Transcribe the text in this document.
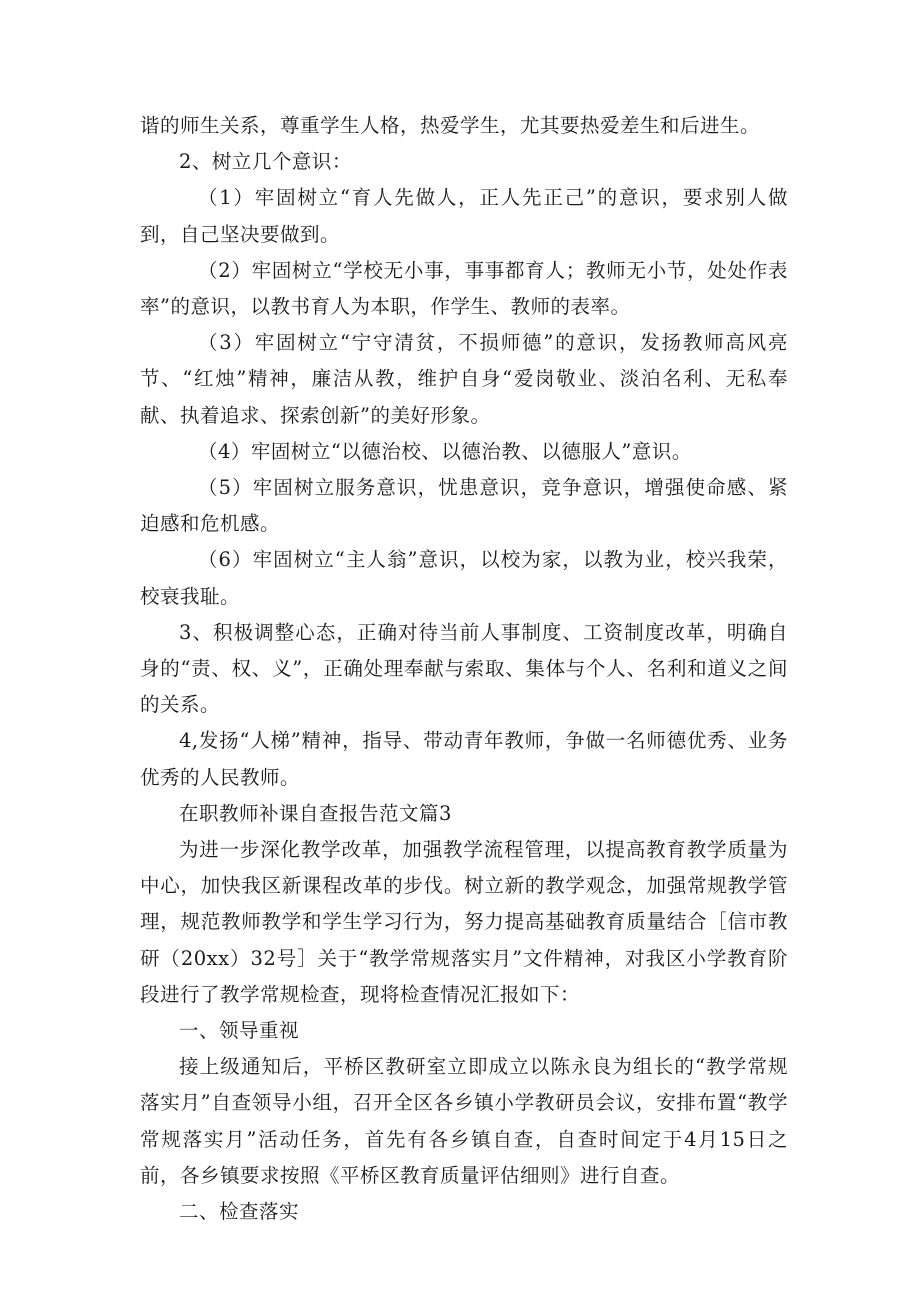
谐的师生关系，尊重学生人格，热爱学生，尤其要热爱差生和后进生。

2、树立几个意识：

（1）牢固树立“育人先做人，正人先正己”的意识，要求别人做到，自己坚决要做到。

（2）牢固树立“学校无小事，事事都育人；教师无小节，处处作表率”的意识，以教书育人为本职，作学生、教师的表率。

（3）牢固树立“宁守清贫，不损师德”的意识，发扬教师高风亮节、“红烛”精神，廉洁从教，维护自身“爱岗敬业、淡泊名利、无私奉献、执着追求、探索创新”的美好形象。

（4）牢固树立“以德治校、以德治教、以德服人”意识。

（5）牢固树立服务意识，忧患意识，竞争意识，增强使命感、紧迫感和危机感。

（6）牢固树立“主人翁”意识，以校为家，以教为业，校兴我荣，校衰我耻。

3、积极调整心态，正确对待当前人事制度、工资制度改革，明确自身的“责、权、义”，正确处理奉献与索取、集体与个人、名利和道义之间的关系。

4,发扬“人梯”精神，指导、带动青年教师，争做一名师德优秀、业务优秀的人民教师。

在职教师补课自查报告范文篇3

为进一步深化教学改革，加强教学流程管理，以提高教育教学质量为中心，加快我区新课程改革的步伐。树立新的教学观念，加强常规教学管理，规范教师教学和学生学习行为，努力提高基础教育质量结合［信市教研（20xx）32号］关于“教学常规落实月”文件精神，对我区小学教育阶段进行了教学常规检查，现将检查情况汇报如下：

一、领导重视

接上级通知后，平桥区教研室立即成立以陈永良为组长的“教学常规落实月”自查领导小组，召开全区各乡镇小学教研员会议，安排布置“教学常规落实月”活动任务，首先有各乡镇自查，自查时间定于4月15日之前，各乡镇要求按照《平桥区教育质量评估细则》进行自查。

二、检查落实
